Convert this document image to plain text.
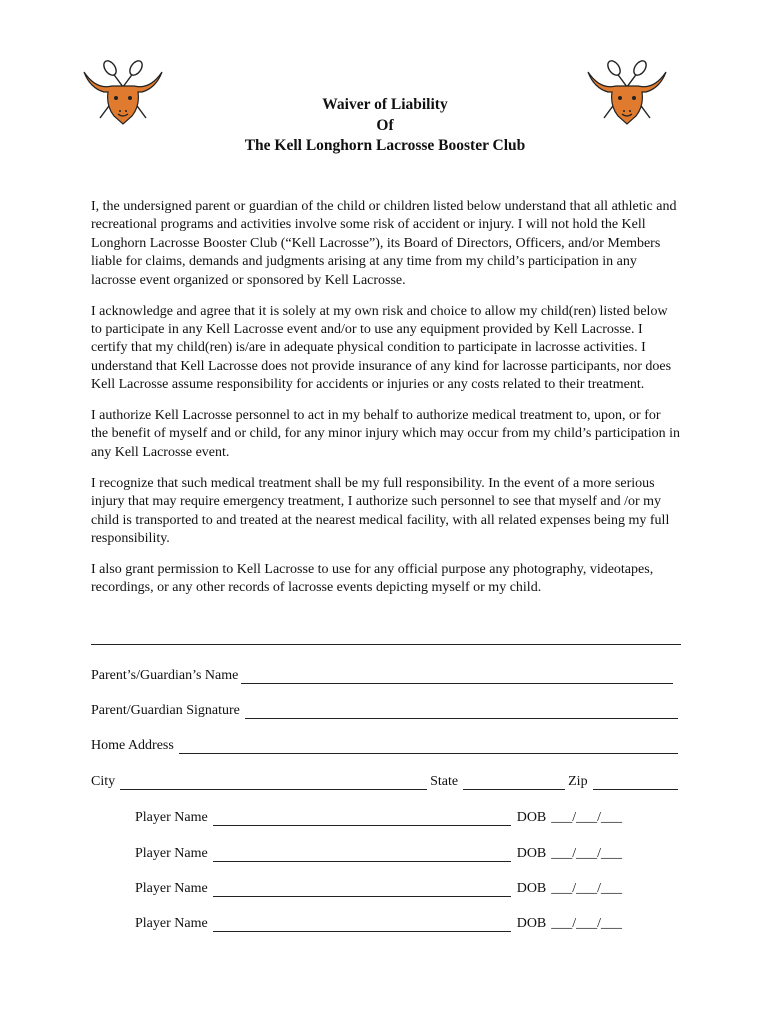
Waiver of Liability
Of
The Kell Longhorn Lacrosse Booster Club

I, the undersigned parent or guardian of the child or children listed below understand that all athletic and recreational programs and activities involve some risk of accident or injury. I will not hold the Kell Longhorn Lacrosse Booster Club (“Kell Lacrosse”), its Board of Directors, Officers, and/or Members liable for claims, demands and judgments arising at any time from my child’s participation in any lacrosse event organized or sponsored by Kell Lacrosse.

I acknowledge and agree that it is solely at my own risk and choice to allow my child(ren) listed below to participate in any Kell Lacrosse event and/or to use any equipment provided by Kell Lacrosse. I certify that my child(ren) is/are in adequate physical condition to participate in lacrosse activities. I understand that Kell Lacrosse does not provide insurance of any kind for lacrosse participants, nor does Kell Lacrosse assume responsibility for accidents or injuries or any costs related to their treatment.

I authorize Kell Lacrosse personnel to act in my behalf to authorize medical treatment to, upon, or for the benefit of myself and or child, for any minor injury which may occur from my child’s participation in any Kell Lacrosse event.

I recognize that such medical treatment shall be my full responsibility. In the event of a more serious injury that may require emergency treatment, I authorize such personnel to see that myself and /or my child is transported to and treated at the nearest medical facility, with all related expenses being my full responsibility.

I also grant permission to Kell Lacrosse to use for any official purpose any photography, videotapes, recordings, or any other records of lacrosse events depicting myself or my child.

Parent’s/Guardian’s Name
Parent/Guardian Signature
Home Address
City	State	Zip
Player Name	DOB ___/___/___
Player Name	DOB ___/___/___
Player Name	DOB ___/___/___
Player Name	DOB ___/___/___
